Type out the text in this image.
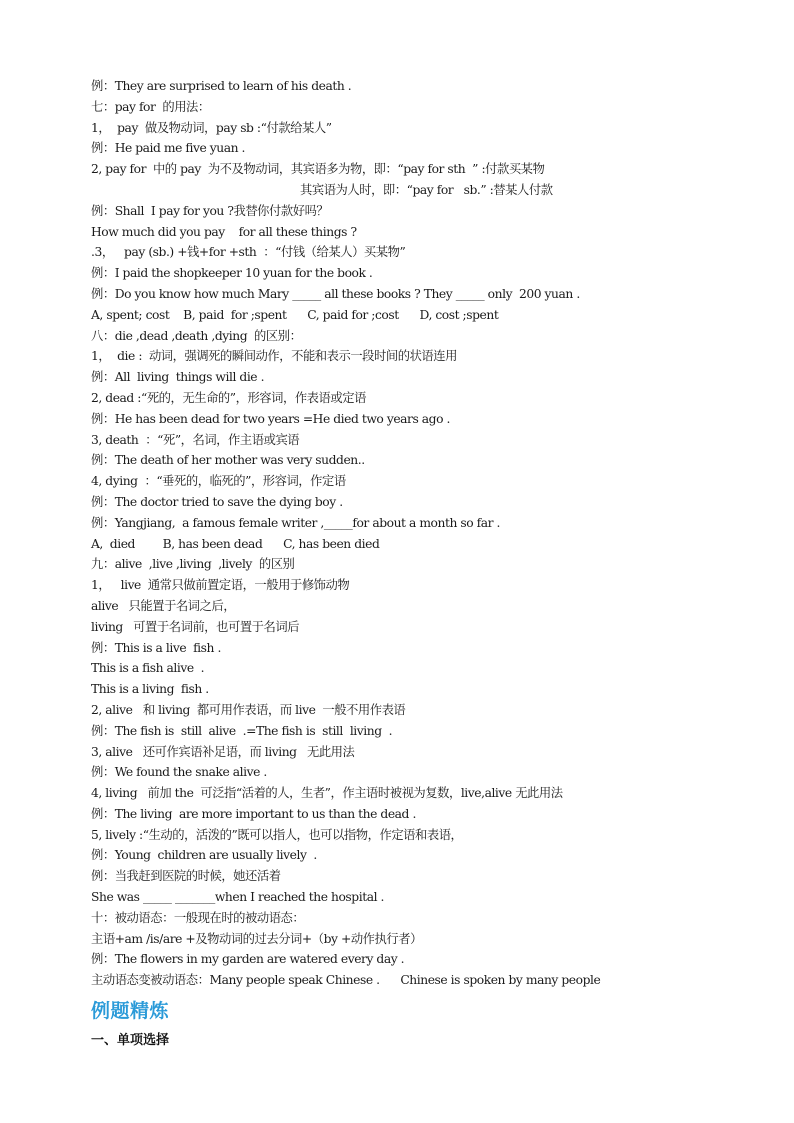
例：They are surprised to learn of his death .
七：pay for  的用法：
1，  pay  做及物动词，pay sb :“付款给某人”
例：He paid me five yuan .
2, pay for  中的 pay  为不及物动词，其宾语多为物，即：“pay for sth  ” :付款买某物
其宾语为人时，即：“pay for   sb.” :替某人付款
例：Shall  I pay for you ?我替你付款好吗？
How much did you pay    for all these things ?
.3，   pay (sb.) +钱+for +sth  ：“付钱（给某人）买某物”
例：I paid the shopkeeper 10 yuan for the book .
例：Do you know how much Mary _____ all these books ? They _____ only  200 yuan .
A, spent; cost    B, paid  for ;spent      C, paid for ;cost      D, cost ;spent
八：die ,dead ,death ,dying  的区别：
1，  die :  动词，强调死的瞬间动作，不能和表示一段时间的状语连用
例：All  living  things will die .
2, dead :“死的，无生命的”，形容词，作表语或定语
例：He has been dead for two years =He died two years ago .
3, death  ：“死”，名词，作主语或宾语
例：The death of her mother was very sudden..
4, dying  ：“垂死的，临死的”，形容词，作定语
例：The doctor tried to save the dying boy .
例：Yangjiang,  a famous female writer ,_____for about a month so far .
A,  died        B, has been dead      C, has been died
九：alive  ,live ,living  ,lively  的区别
1，   live  通常只做前置定语，一般用于修饰动物
alive   只能置于名词之后，
living   可置于名词前，也可置于名词后
例：This is a live  fish .
This is a fish alive  .
This is a living  fish .
2, alive   和 living  都可用作表语，而 live  一般不用作表语
例：The fish is  still  alive  .=The fish is  still  living  .
3, alive   还可作宾语补足语，而 living   无此用法
例：We found the snake alive .
4, living   前加 the  可泛指“活着的人，生者”，作主语时被视为复数，live,alive 无此用法
例：The living  are more important to us than the dead .
5, lively :“生动的，活泼的”既可以指人，也可以指物，作定语和表语，
例：Young  children are usually lively  .
例：当我赶到医院的时候，她还活着
She was _____ _______when I reached the hospital .
十：被动语态：一般现在时的被动语态：
主语+am /is/are +及物动词的过去分词+（by +动作执行者）
例：The flowers in my garden are watered every day .
主动语态变被动语态：Many people speak Chinese .      Chinese is spoken by many people
例题精炼
一、单项选择
